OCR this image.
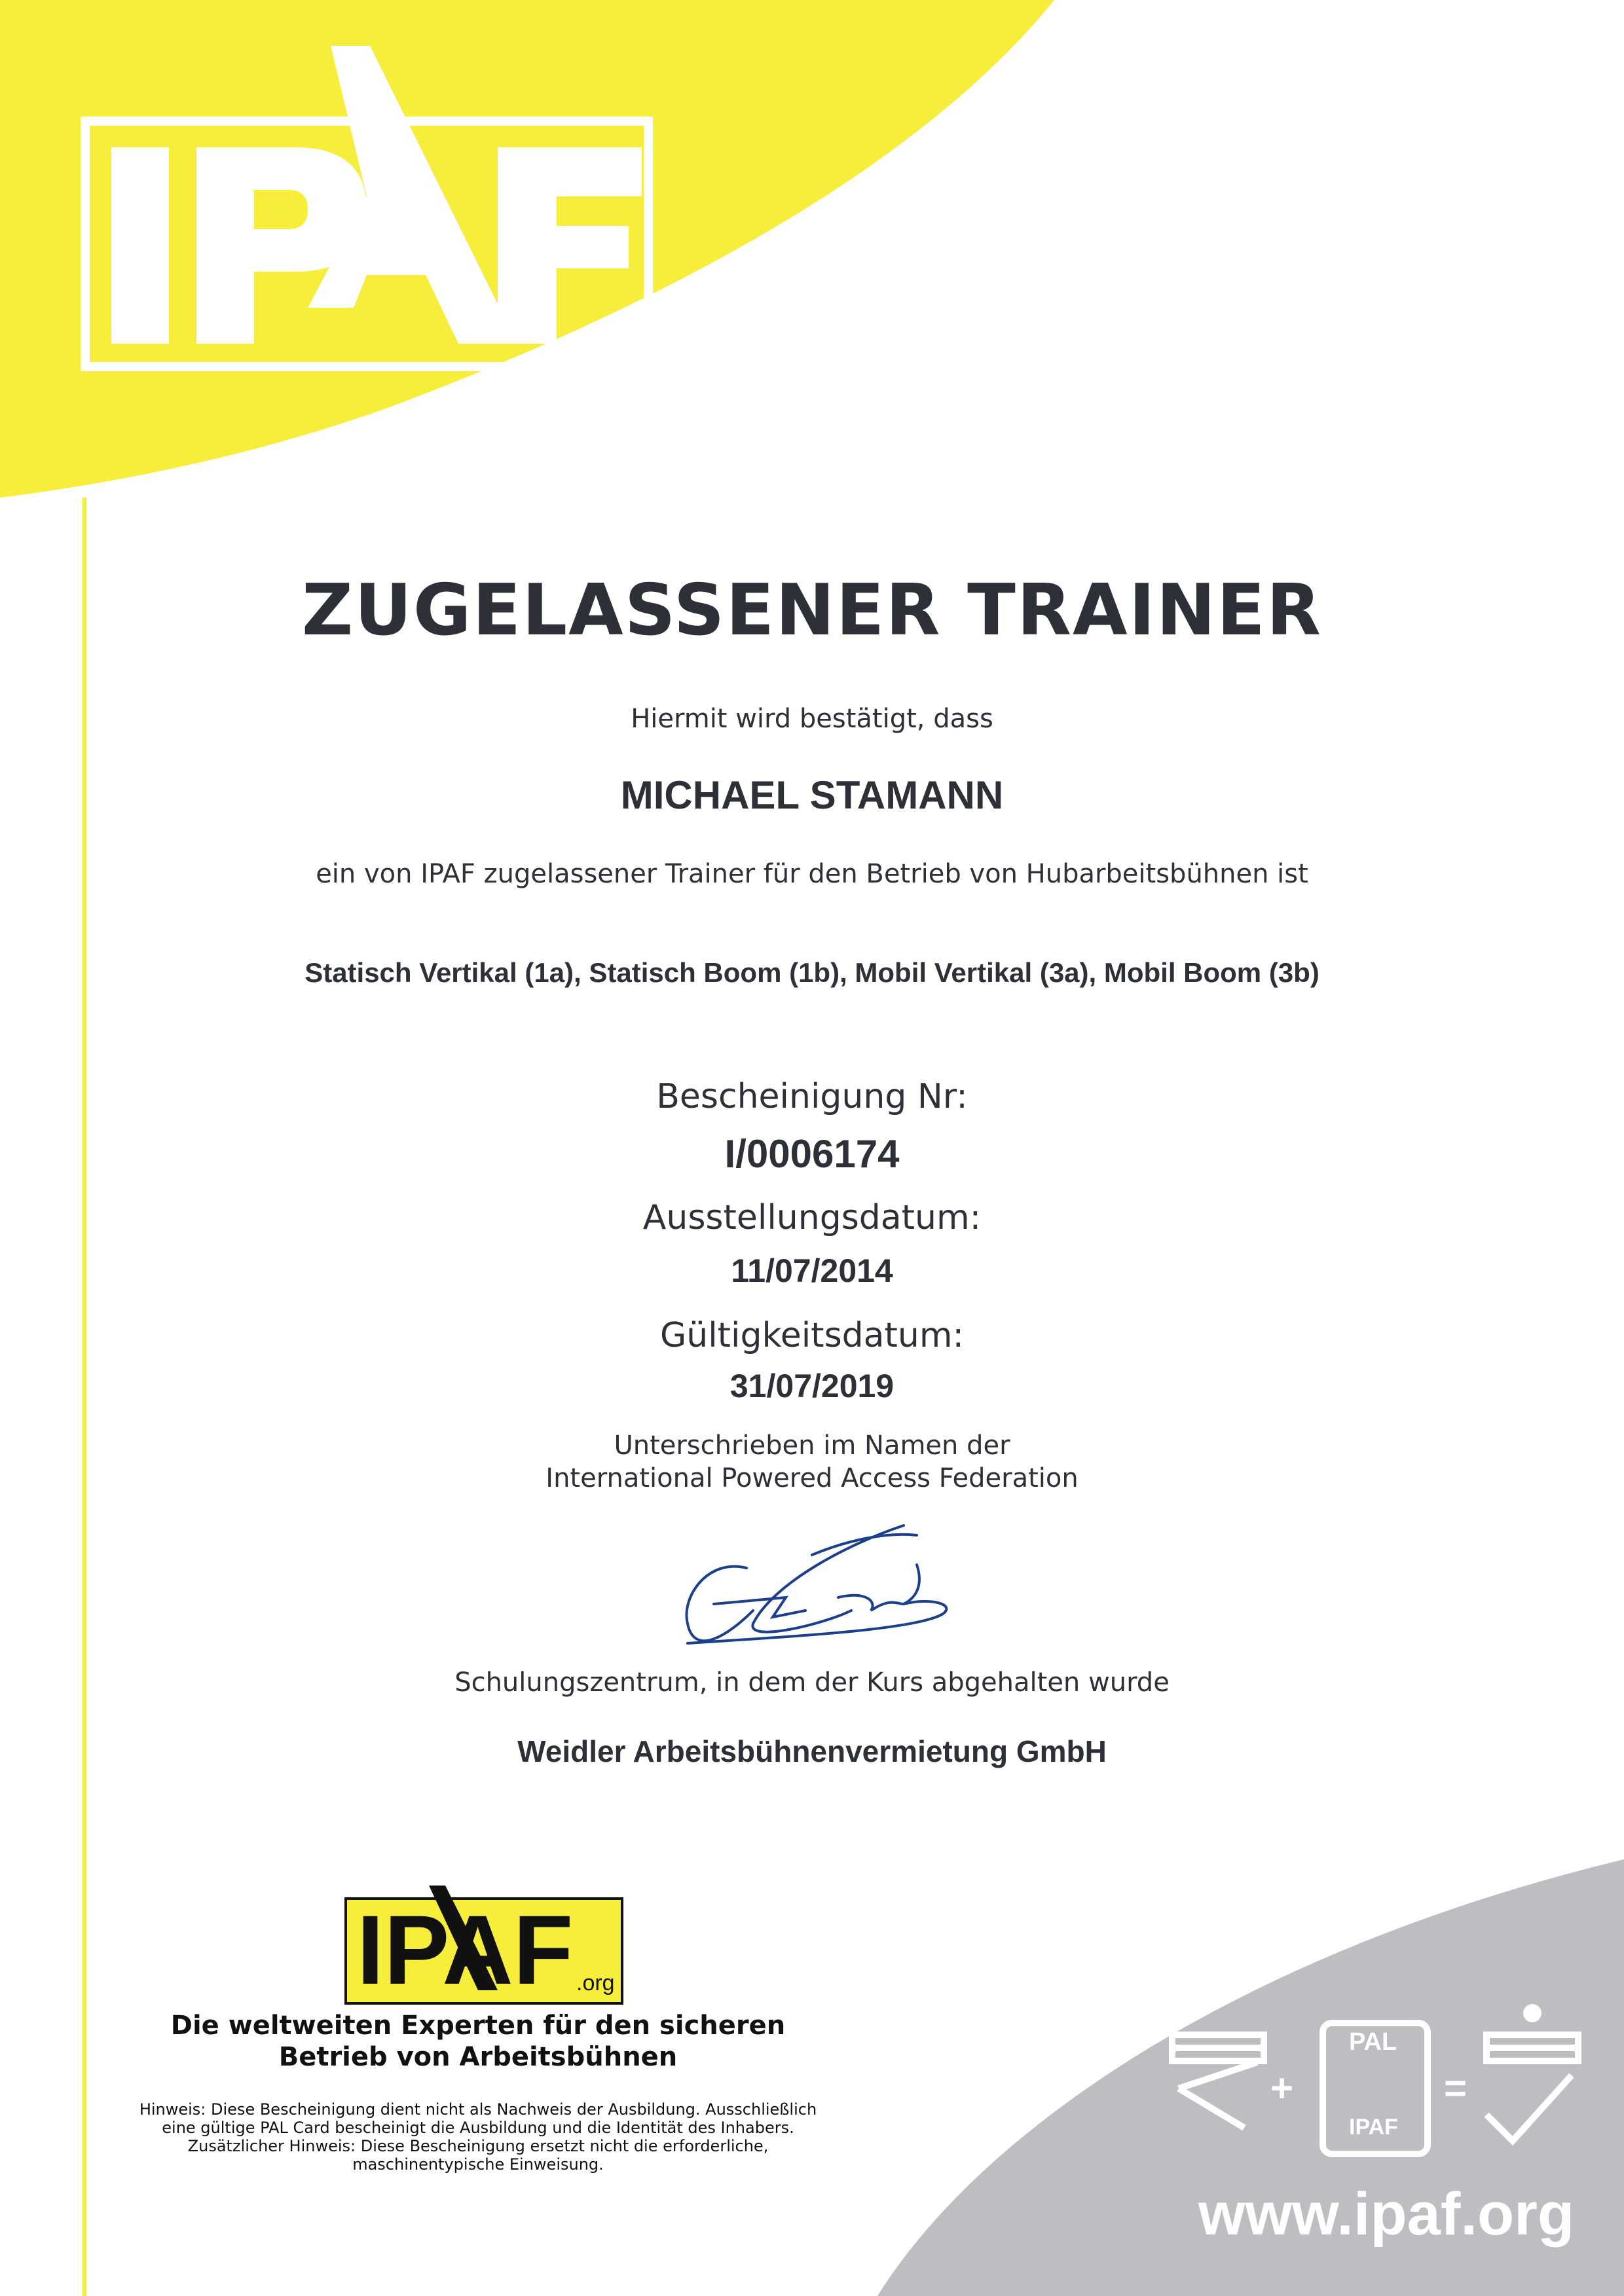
+	=
ZUGELASSENER TRAINER
Hiermit wird bestätigt, dass
MICHAEL STAMANN
ein von IPAF zugelassener Trainer für den Betrieb von Hubarbeitsbühnen ist
Statisch Vertikal (1a), Statisch Boom (1b), Mobil Vertikal (3a), Mobil Boom (3b)
Bescheinigung Nr:
I/0006174
Ausstellungsdatum:
11/07/2014
Gültigkeitsdatum:
31/07/2019
Unterschrieben im Namen der
International Powered Access Federation
Schulungszentrum, in dem der Kurs abgehalten wurde
Weidler Arbeitsbühnenvermietung GmbH
IPAF .org
Die weltweiten Experten für den sicheren
Betrieb von Arbeitsbühnen
Hinweis: Diese Bescheinigung dient nicht als Nachweis der Ausbildung. Ausschließlich
eine gültige PAL Card bescheinigt die Ausbildung und die Identität des Inhabers.
Zusätzlicher Hinweis: Diese Bescheinigung ersetzt nicht die erforderliche,
maschinentypische Einweisung.
PAL
IPAF
www.ipaf.org
